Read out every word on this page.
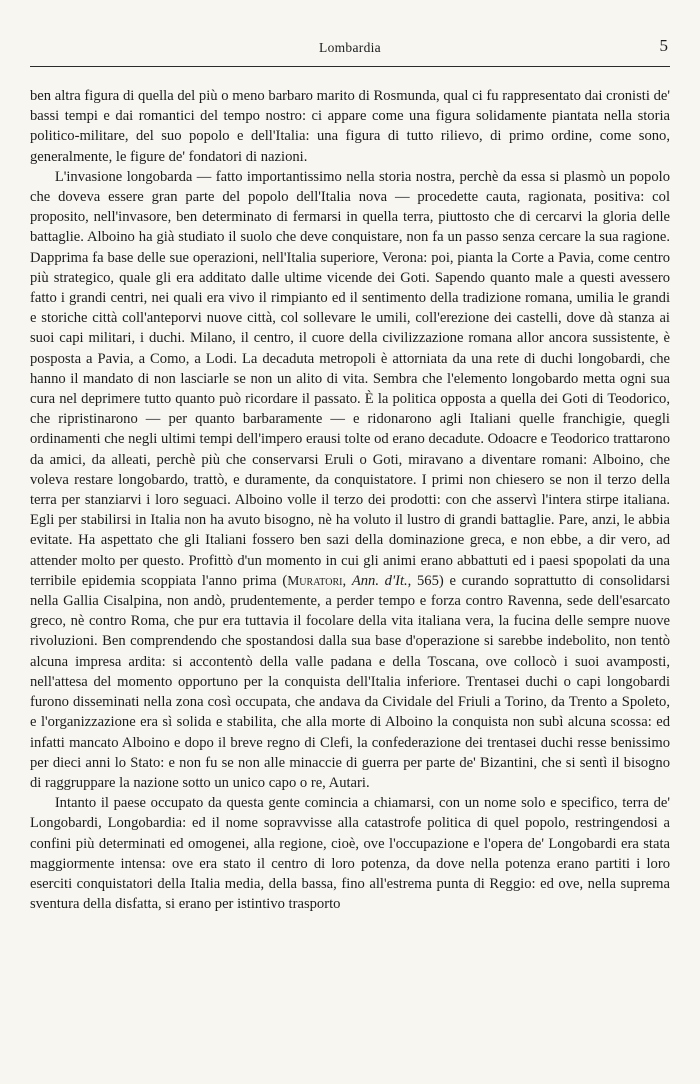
Lombardia	5

ben altra figura di quella del più o meno barbaro marito di Rosmunda, qual ci fu rappresentato dai cronisti de' bassi tempi e dai romantici del tempo nostro: ci appare come una figura solidamente piantata nella storia politico-militare, del suo popolo e dell'Italia: una figura di tutto rilievo, di primo ordine, come sono, generalmente, le figure de' fondatori di nazioni.

L'invasione longobarda — fatto importantissimo nella storia nostra, perchè da essa si plasmò un popolo che doveva essere gran parte del popolo dell'Italia nova — procedette cauta, ragionata, positiva: col proposito, nell'invasore, ben determinato di fermarsi in quella terra, piuttosto che di cercarvi la gloria delle battaglie. Alboino ha già studiato il suolo che deve conquistare, non fa un passo senza cercare la sua ragione. Dapprima fa base delle sue operazioni, nell'Italia superiore, Verona: poi, pianta la Corte a Pavia, come centro più strategico, quale gli era additato dalle ultime vicende dei Goti. Sapendo quanto male a questi avessero fatto i grandi centri, nei quali era vivo il rimpianto ed il sentimento della tradizione romana, umilia le grandi e storiche città coll'anteporvi nuove città, col sollevare le umili, coll'erezione dei castelli, dove dà stanza ai suoi capi militari, i duchi. Milano, il centro, il cuore della civilizzazione romana allor ancora sussistente, è posposta a Pavia, a Como, a Lodi. La decaduta metropoli è attorniata da una rete di duchi longobardi, che hanno il mandato di non lasciarle se non un alito di vita. Sembra che l'elemento longobardo metta ogni sua cura nel deprimere tutto quanto può ricordare il passato. È la politica opposta a quella dei Goti di Teodorico, che ripristinarono — per quanto barbaramente — e ridonarono agli Italiani quelle franchigie, quegli ordinamenti che negli ultimi tempi dell'impero erausi tolte od erano decadute. Odoacre e Teodorico trattarono da amici, da alleati, perchè più che conservarsi Eruli o Goti, miravano a diventare romani: Alboino, che voleva restare longobardo, trattò, e duramente, da conquistatore. I primi non chiesero se non il terzo della terra per stanziarvi i loro seguaci. Alboino volle il terzo dei prodotti: con che asservì l'intera stirpe italiana. Egli per stabilirsi in Italia non ha avuto bisogno, nè ha voluto il lustro di grandi battaglie. Pare, anzi, le abbia evitate. Ha aspettato che gli Italiani fossero ben sazi della dominazione greca, e non ebbe, a dir vero, ad attender molto per questo. Profittò d'un momento in cui gli animi erano abbattuti ed i paesi spopolati da una terribile epidemia scoppiata l'anno prima (Muratori, Ann. d'It., 565) e curando soprattutto di consolidarsi nella Gallia Cisalpina, non andò, prudentemente, a perder tempo e forza contro Ravenna, sede dell'esarcato greco, nè contro Roma, che pur era tuttavia il focolare della vita italiana vera, la fucina delle sempre nuove rivoluzioni. Ben comprendendo che spostandosi dalla sua base d'operazione si sarebbe indebolito, non tentò alcuna impresa ardita: si accontentò della valle padana e della Toscana, ove collocò i suoi avamposti, nell'attesa del momento opportuno per la conquista dell'Italia inferiore. Trentasei duchi o capi longobardi furono disseminati nella zona così occupata, che andava da Cividale del Friuli a Torino, da Trento a Spoleto, e l'organizzazione era sì solida e stabilita, che alla morte di Alboino la conquista non subì alcuna scossa: ed infatti mancato Alboino e dopo il breve regno di Clefi, la confederazione dei trentasei duchi resse benissimo per dieci anni lo Stato: e non fu se non alle minaccie di guerra per parte de' Bizantini, che si sentì il bisogno di raggruppare la nazione sotto un unico capo o re, Autari.

Intanto il paese occupato da questa gente comincia a chiamarsi, con un nome solo e specifico, terra de' Longobardi, Longobardia: ed il nome sopravvisse alla catastrofe politica di quel popolo, restringendosi a confini più determinati ed omogenei, alla regione, cioè, ove l'occupazione e l'opera de' Longobardi era stata maggiormente intensa: ove era stato il centro di loro potenza, da dove nella potenza erano partiti i loro eserciti conquistatori della Italia media, della bassa, fino all'estrema punta di Reggio: ed ove, nella suprema sventura della disfatta, si erano per istintivo trasporto
